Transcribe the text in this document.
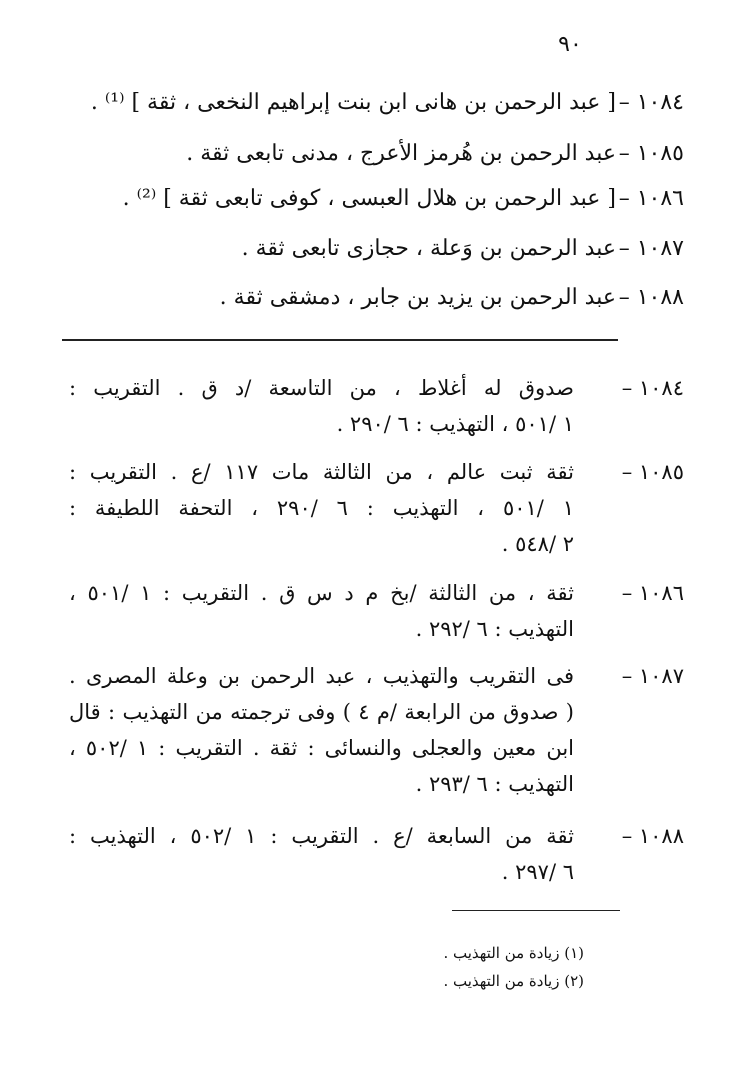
٩٠
١٠٨٤ –
[ عبد الرحمن بن هانى ابن بنت إبراهيم النخعى ، ثقة ] ⁽¹⁾ .
١٠٨٥ –
عبد الرحمن بن هُرمز الأعرج ، مدنى تابعى ثقة .
١٠٨٦ –
[ عبد الرحمن بن هلال العبسى ، كوفى تابعى ثقة ] ⁽²⁾ .
١٠٨٧ –
عبد الرحمن بن وَعلة ، حجازى تابعى ثقة .
١٠٨٨ –
عبد الرحمن بن يزيد بن جابر ، دمشقى ثقة .
١٠٨٤ –
صدوق له أغلاط ، من التاسعة /د ق . التقريب :
١ /٥٠١ ، التهذيب : ٦ /٢٩٠ .
١٠٨٥ –
ثقة ثبت عالم ، من الثالثة مات ١١٧ /ع . التقريب :
١ /٥٠١ ، التهذيب : ٦ /٢٩٠ ، التحفة اللطيفة :
٢ /٥٤٨ .
١٠٨٦ –
ثقة ، من الثالثة /بخ م د س ق . التقريب : ١ /٥٠١ ،
التهذيب : ٦ /٢٩٢ .
١٠٨٧ –
فى التقريب والتهذيب ، عبد الرحمن بن وعلة المصرى .
( صدوق من الرابعة /م ٤ ) وفى ترجمته من التهذيب : قال
ابن معين والعجلى والنسائى : ثقة . التقريب : ١ /٥٠٢ ،
التهذيب : ٦ /٢٩٣ .
١٠٨٨ –
ثقة من السابعة /ع . التقريب : ١ /٥٠٢ ، التهذيب :
٦ /٢٩٧ .
(١) زيادة من التهذيب .
(٢) زيادة من التهذيب .
